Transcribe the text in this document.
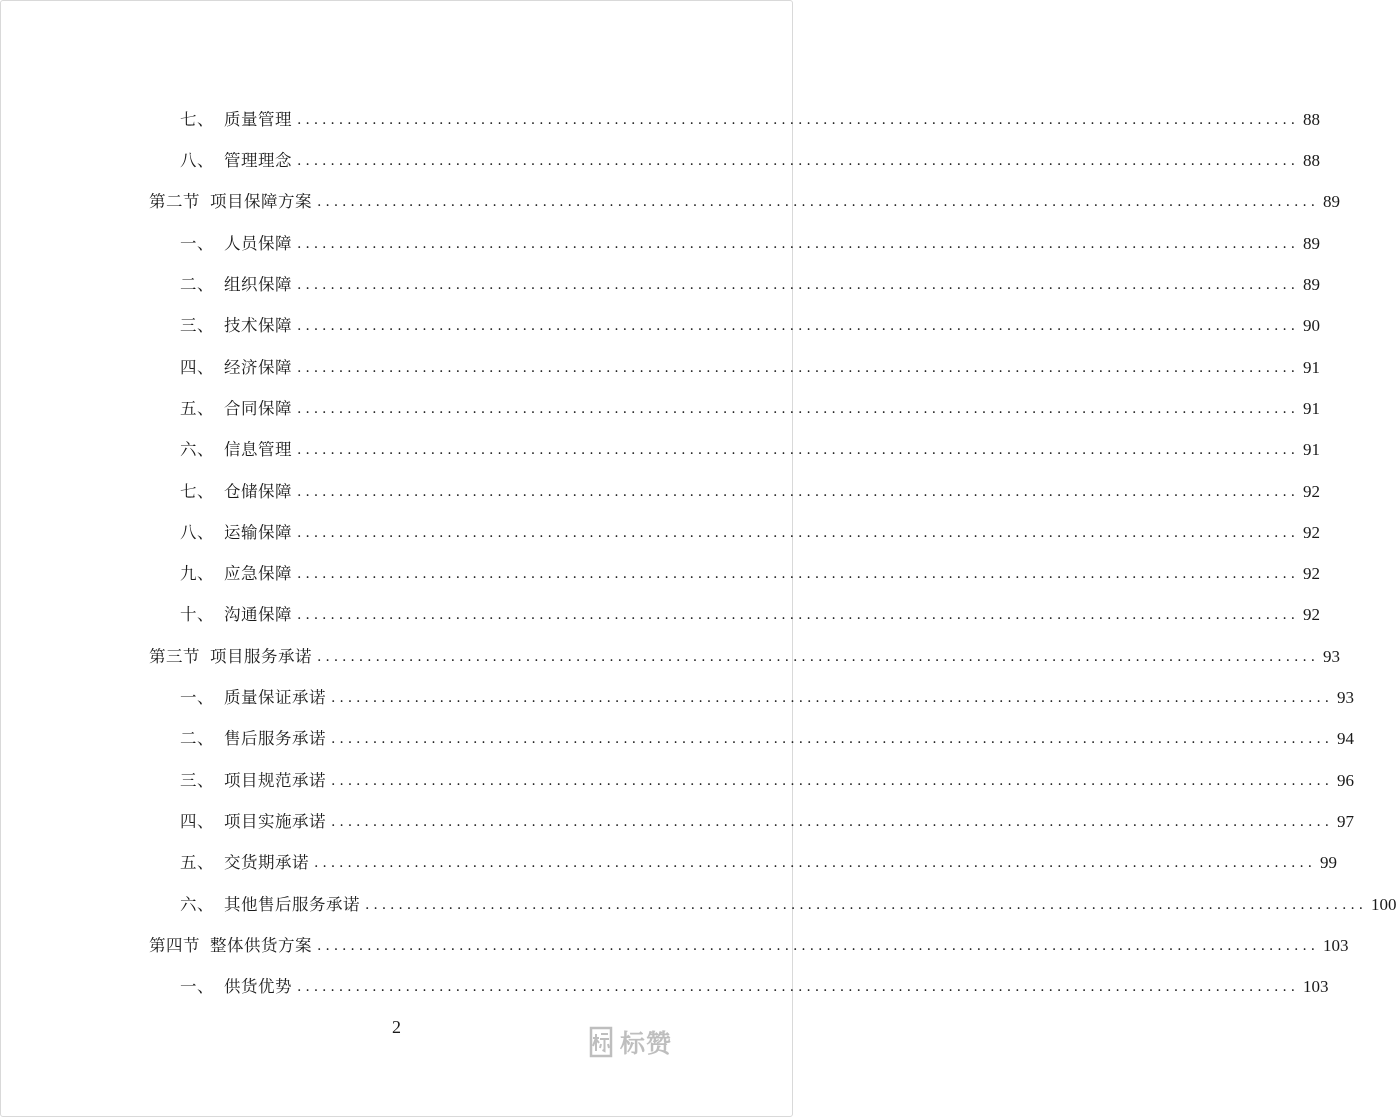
七、 质量管理 ........................................................................................................................ 88
八、 管理理念 ........................................................................................................................ 88
第二节 项目保障方案 ........................................................................................................................ 89
一、 人员保障 ........................................................................................................................ 89
二、 组织保障 ........................................................................................................................ 89
三、 技术保障 ........................................................................................................................ 90
四、 经济保障 ........................................................................................................................ 91
五、 合同保障 ........................................................................................................................ 91
六、 信息管理 ........................................................................................................................ 91
七、 仓储保障 ........................................................................................................................ 92
八、 运输保障 ........................................................................................................................ 92
九、 应急保障 ........................................................................................................................ 92
十、 沟通保障 ........................................................................................................................ 92
第三节 项目服务承诺 ........................................................................................................................ 93
一、 质量保证承诺 ........................................................................................................................ 93
二、 售后服务承诺 ........................................................................................................................ 94
三、 项目规范承诺 ........................................................................................................................ 96
四、 项目实施承诺 ........................................................................................................................ 97
五、 交货期承诺 ........................................................................................................................ 99
六、 其他售后服务承诺 ........................................................................................................................ 100
第四节 整体供货方案 ........................................................................................................................ 103
一、 供货优势 ........................................................................................................................ 103
2
标赞
